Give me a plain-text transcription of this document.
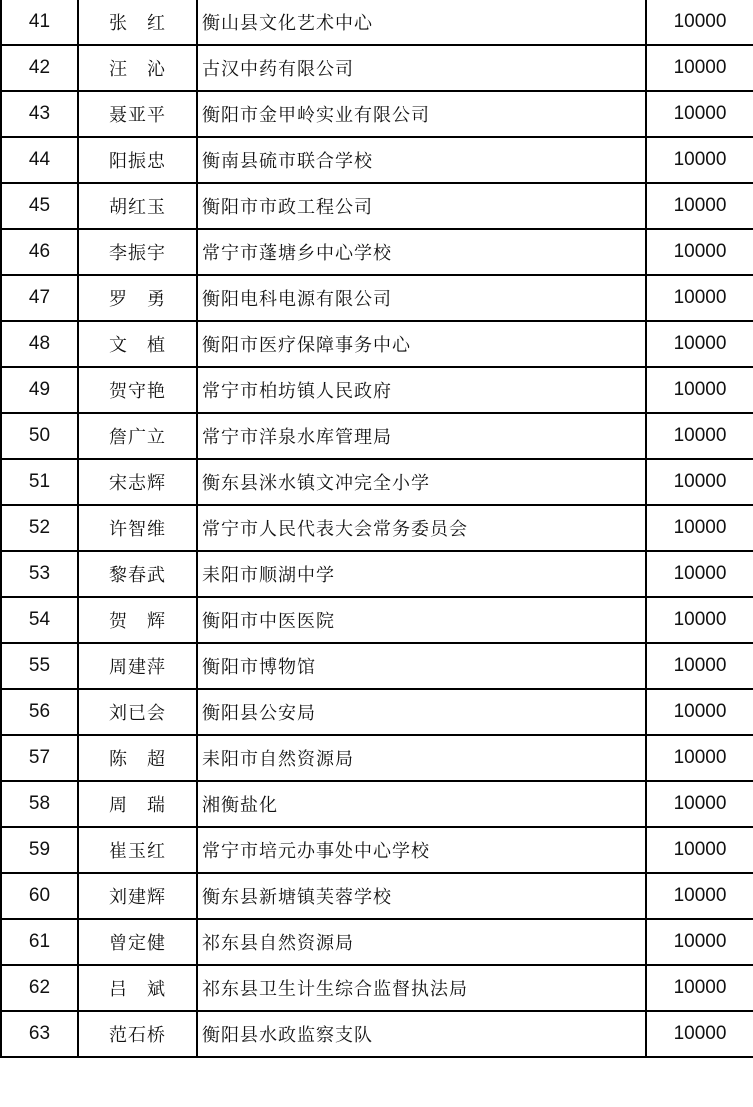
41	张　红	衡山县文化艺术中心	10000
42	汪　沁	古汉中药有限公司	10000
43	聂亚平	衡阳市金甲岭实业有限公司	10000
44	阳振忠	衡南县硫市联合学校	10000
45	胡红玉	衡阳市市政工程公司	10000
46	李振宇	常宁市蓬塘乡中心学校	10000
47	罗　勇	衡阳电科电源有限公司	10000
48	文　植	衡阳市医疗保障事务中心	10000
49	贺守艳	常宁市柏坊镇人民政府	10000
50	詹广立	常宁市洋泉水库管理局	10000
51	宋志辉	衡东县洣水镇文冲完全小学	10000
52	许智维	常宁市人民代表大会常务委员会	10000
53	黎春武	耒阳市顺湖中学	10000
54	贺　辉	衡阳市中医医院	10000
55	周建萍	衡阳市博物馆	10000
56	刘已会	衡阳县公安局	10000
57	陈　超	耒阳市自然资源局	10000
58	周　瑞	湘衡盐化	10000
59	崔玉红	常宁市培元办事处中心学校	10000
60	刘建辉	衡东县新塘镇芙蓉学校	10000
61	曾定健	祁东县自然资源局	10000
62	吕　斌	祁东县卫生计生综合监督执法局	10000
63	范石桥	衡阳县水政监察支队	10000
